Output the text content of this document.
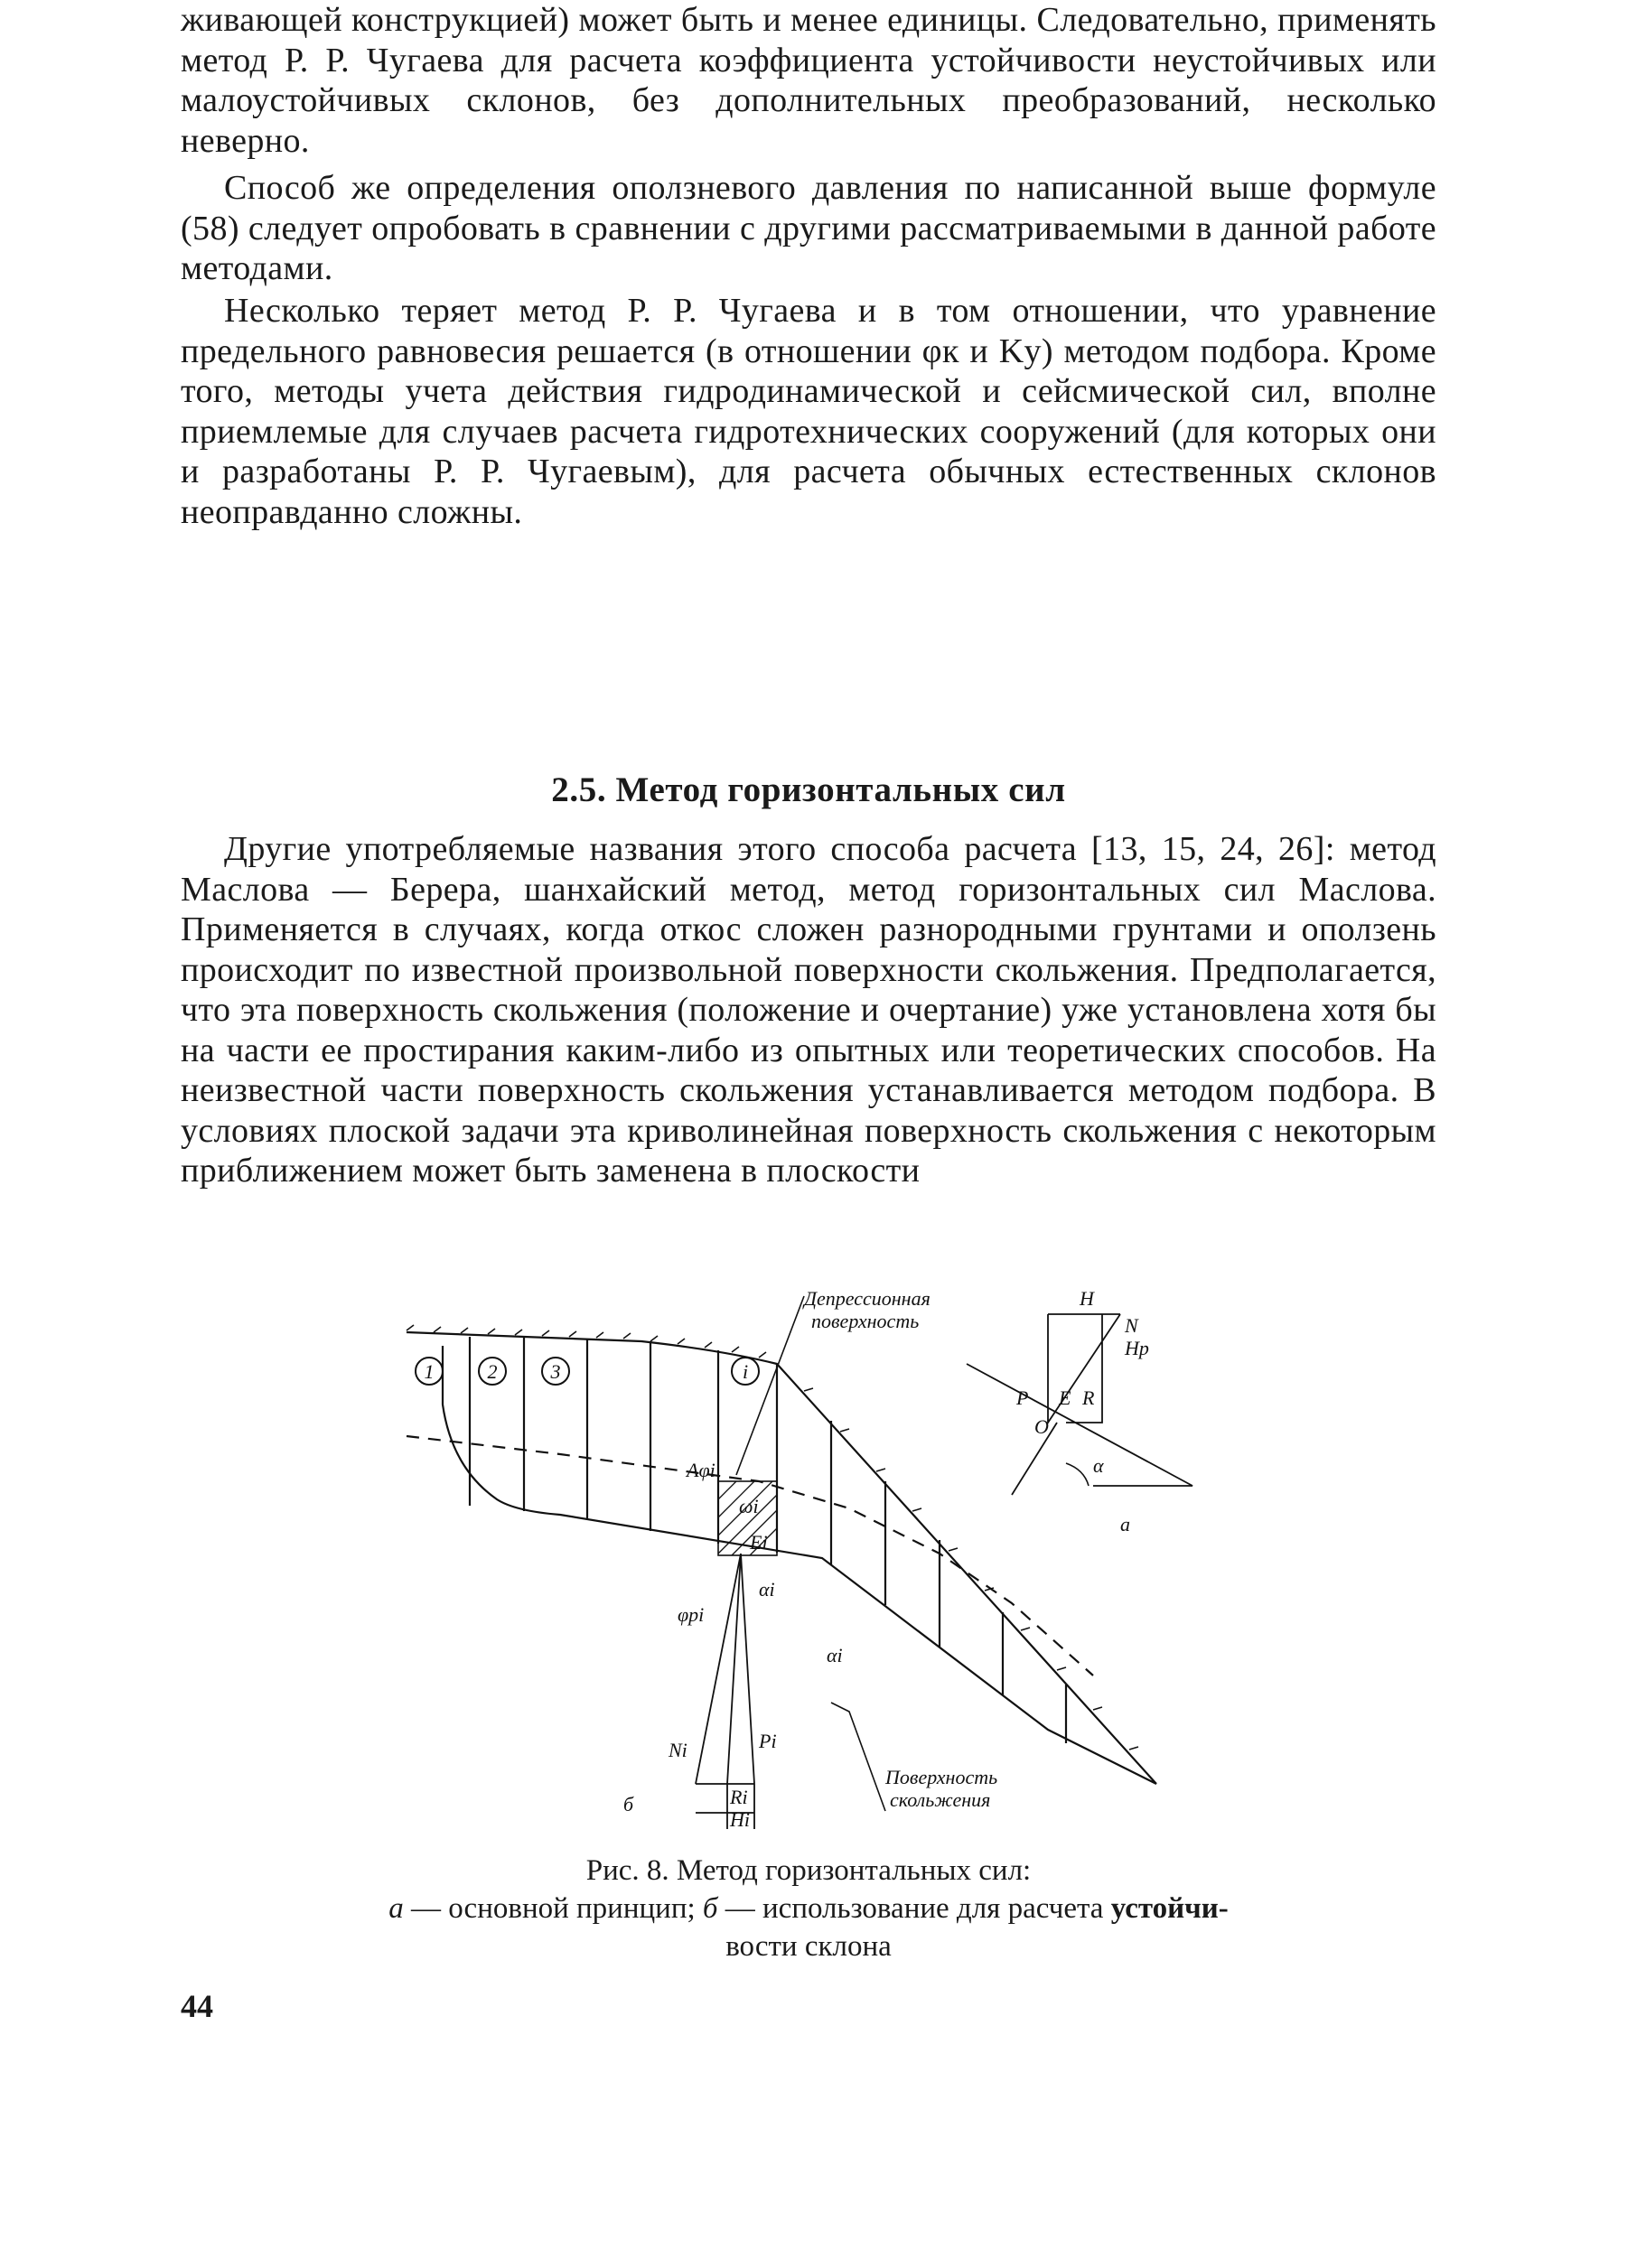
живающей конструкцией) может быть и менее единицы. Следовательно, применять метод Р. Р. Чугаева для расчета коэффициента устойчивости неустойчивых или малоустойчивых склонов, без дополнительных преобразований, несколько неверно.

Способ же определения оползневого давления по написанной выше формуле (58) следует опробовать в сравнении с другими рассматриваемыми в данной работе методами.

Несколько теряет метод Р. Р. Чугаева и в том отношении, что уравнение предельного равновесия решается (в отношении φк и Kу) методом подбора. Кроме того, методы учета действия гидродинамической и сейсмической сил, вполне приемлемые для случаев расчета гидротехнических сооружений (для которых они и разработаны Р. Р. Чугаевым), для расчета обычных естественных склонов неоправданно сложны.

2.5. Метод горизонтальных сил

Другие употребляемые названия этого способа расчета [13, 15, 24, 26]: метод Маслова — Берера, шанхайский метод, метод горизонтальных сил Маслова. Применяется в случаях, когда откос сложен разнородными грунтами и оползень происходит по известной произвольной поверхности скольжения. Предполагается, что эта поверхность скольжения (положение и очертание) уже установлена хотя бы на части ее простирания каким-либо из опытных или теоретических способов. На неизвестной части поверхность скольжения устанавливается методом подбора. В условиях плоской задачи эта криволинейная поверхность скольжения с некоторым приближением может быть заменена в плоскости

1	2	3	i
Депрессионная
поверхность
Aφi
ωi
Ei
αi
αi
φрi
Ni	Pi
Ri
Hi
б
Поверхность
скольжения
H
N
Hp
P E R
O
α
а

Рис. 8. Метод горизонтальных сил:
а — основной принцип; б — использование для расчета устойчи-
вости склона

44
